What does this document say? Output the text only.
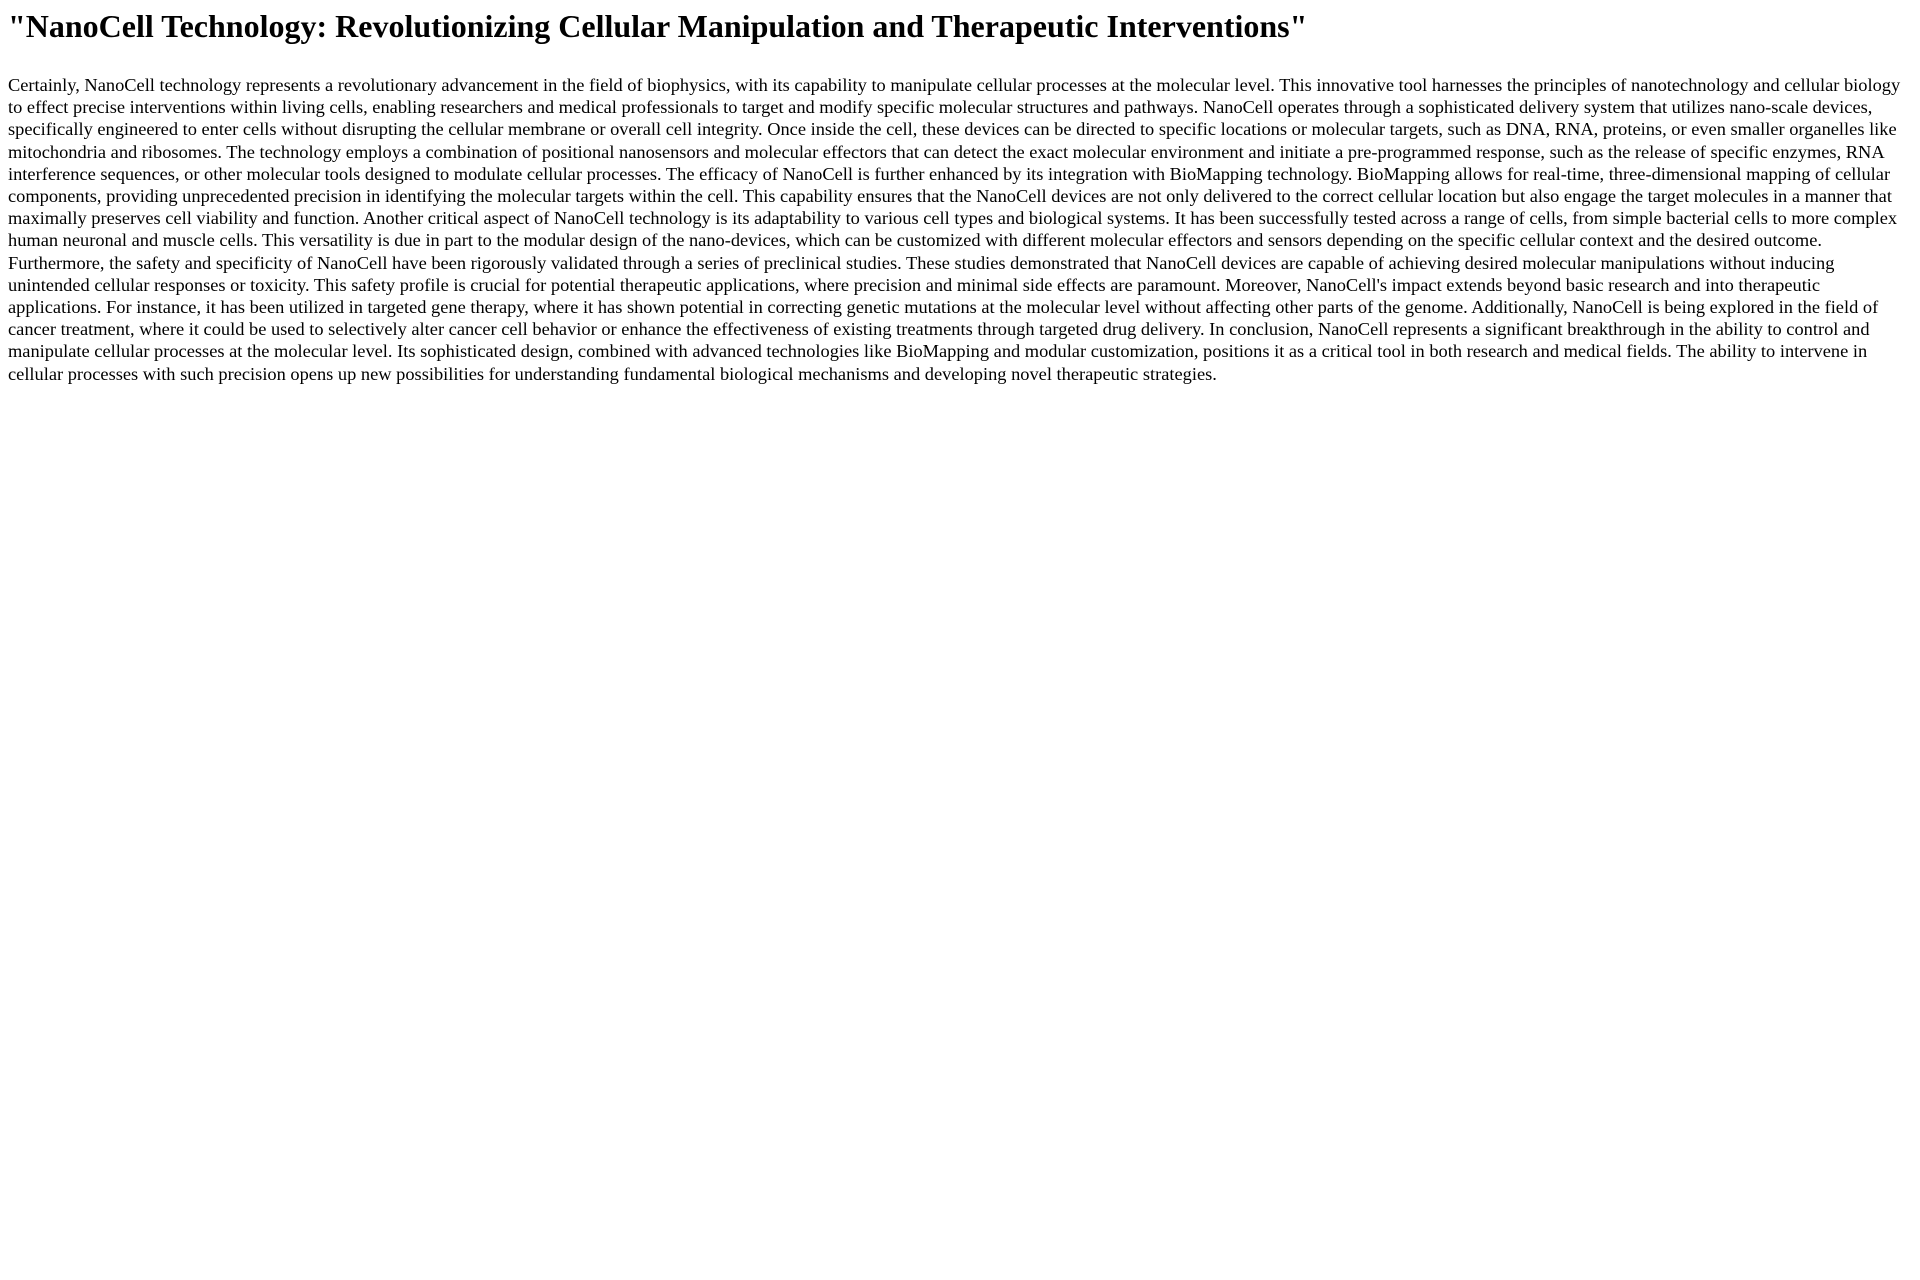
"NanoCell Technology: Revolutionizing Cellular Manipulation and Therapeutic Interventions"

Certainly, NanoCell technology represents a revolutionary advancement in the field of biophysics, with its capability to manipulate cellular processes at the molecular level. This innovative tool harnesses the principles of nanotechnology and cellular biology to effect precise interventions within living cells, enabling researchers and medical professionals to target and modify specific molecular structures and pathways. NanoCell operates through a sophisticated delivery system that utilizes nano-scale devices, specifically engineered to enter cells without disrupting the cellular membrane or overall cell integrity. Once inside the cell, these devices can be directed to specific locations or molecular targets, such as DNA, RNA, proteins, or even smaller organelles like mitochondria and ribosomes. The technology employs a combination of positional nanosensors and molecular effectors that can detect the exact molecular environment and initiate a pre-programmed response, such as the release of specific enzymes, RNA interference sequences, or other molecular tools designed to modulate cellular processes. The efficacy of NanoCell is further enhanced by its integration with BioMapping technology. BioMapping allows for real-time, three-dimensional mapping of cellular components, providing unprecedented precision in identifying the molecular targets within the cell. This capability ensures that the NanoCell devices are not only delivered to the correct cellular location but also engage the target molecules in a manner that maximally preserves cell viability and function. Another critical aspect of NanoCell technology is its adaptability to various cell types and biological systems. It has been successfully tested across a range of cells, from simple bacterial cells to more complex human neuronal and muscle cells. This versatility is due in part to the modular design of the nano-devices, which can be customized with different molecular effectors and sensors depending on the specific cellular context and the desired outcome. Furthermore, the safety and specificity of NanoCell have been rigorously validated through a series of preclinical studies. These studies demonstrated that NanoCell devices are capable of achieving desired molecular manipulations without inducing unintended cellular responses or toxicity. This safety profile is crucial for potential therapeutic applications, where precision and minimal side effects are paramount. Moreover, NanoCell's impact extends beyond basic research and into therapeutic applications. For instance, it has been utilized in targeted gene therapy, where it has shown potential in correcting genetic mutations at the molecular level without affecting other parts of the genome. Additionally, NanoCell is being explored in the field of cancer treatment, where it could be used to selectively alter cancer cell behavior or enhance the effectiveness of existing treatments through targeted drug delivery. In conclusion, NanoCell represents a significant breakthrough in the ability to control and manipulate cellular processes at the molecular level. Its sophisticated design, combined with advanced technologies like BioMapping and modular customization, positions it as a critical tool in both research and medical fields. The ability to intervene in cellular processes with such precision opens up new possibilities for understanding fundamental biological mechanisms and developing novel therapeutic strategies.
